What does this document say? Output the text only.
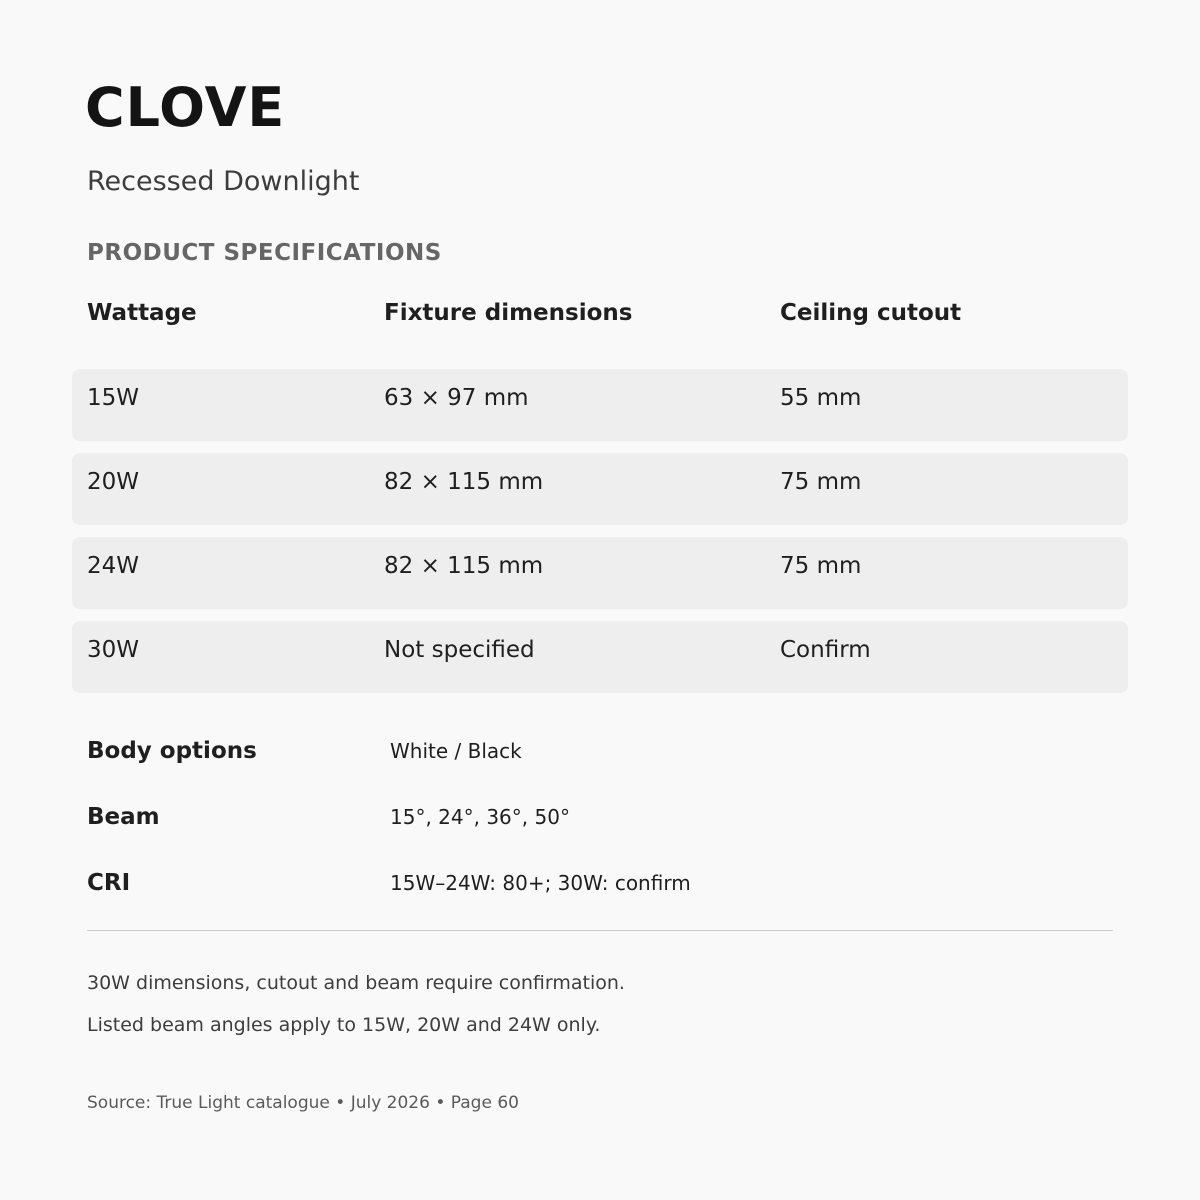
CLOVE
Recessed Downlight
PRODUCT SPECIFICATIONS
Wattage	Fixture dimensions	Ceiling cutout
15W	63 × 97 mm	55 mm
20W	82 × 115 mm	75 mm
24W	82 × 115 mm	75 mm
30W	Not specified	Confirm
Body options	White / Black
Beam	15°, 24°, 36°, 50°
CRI	15W–24W: 80+; 30W: confirm
30W dimensions, cutout and beam require confirmation.
Listed beam angles apply to 15W, 20W and 24W only.
Source: True Light catalogue • July 2026 • Page 60
